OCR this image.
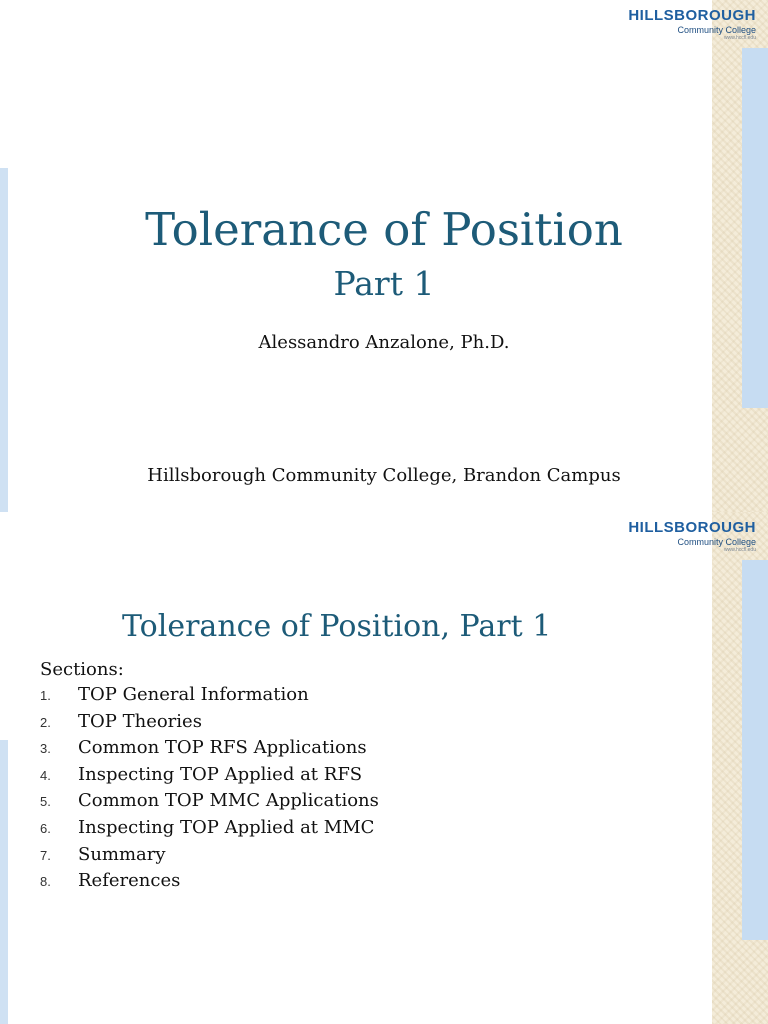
HILLSBOROUGH
Community College
www.hccfl.edu
Tolerance of Position
Part 1
Alessandro Anzalone, Ph.D.
Hillsborough Community College, Brandon Campus
HILLSBOROUGH
Community College
www.hccfl.edu
Tolerance of Position, Part 1
Sections:
1.	TOP General Information
2.	TOP Theories
3.	Common TOP RFS Applications
4.	Inspecting TOP Applied at RFS
5.	Common TOP MMC Applications
6.	Inspecting TOP Applied at MMC
7.	Summary
8.	References
